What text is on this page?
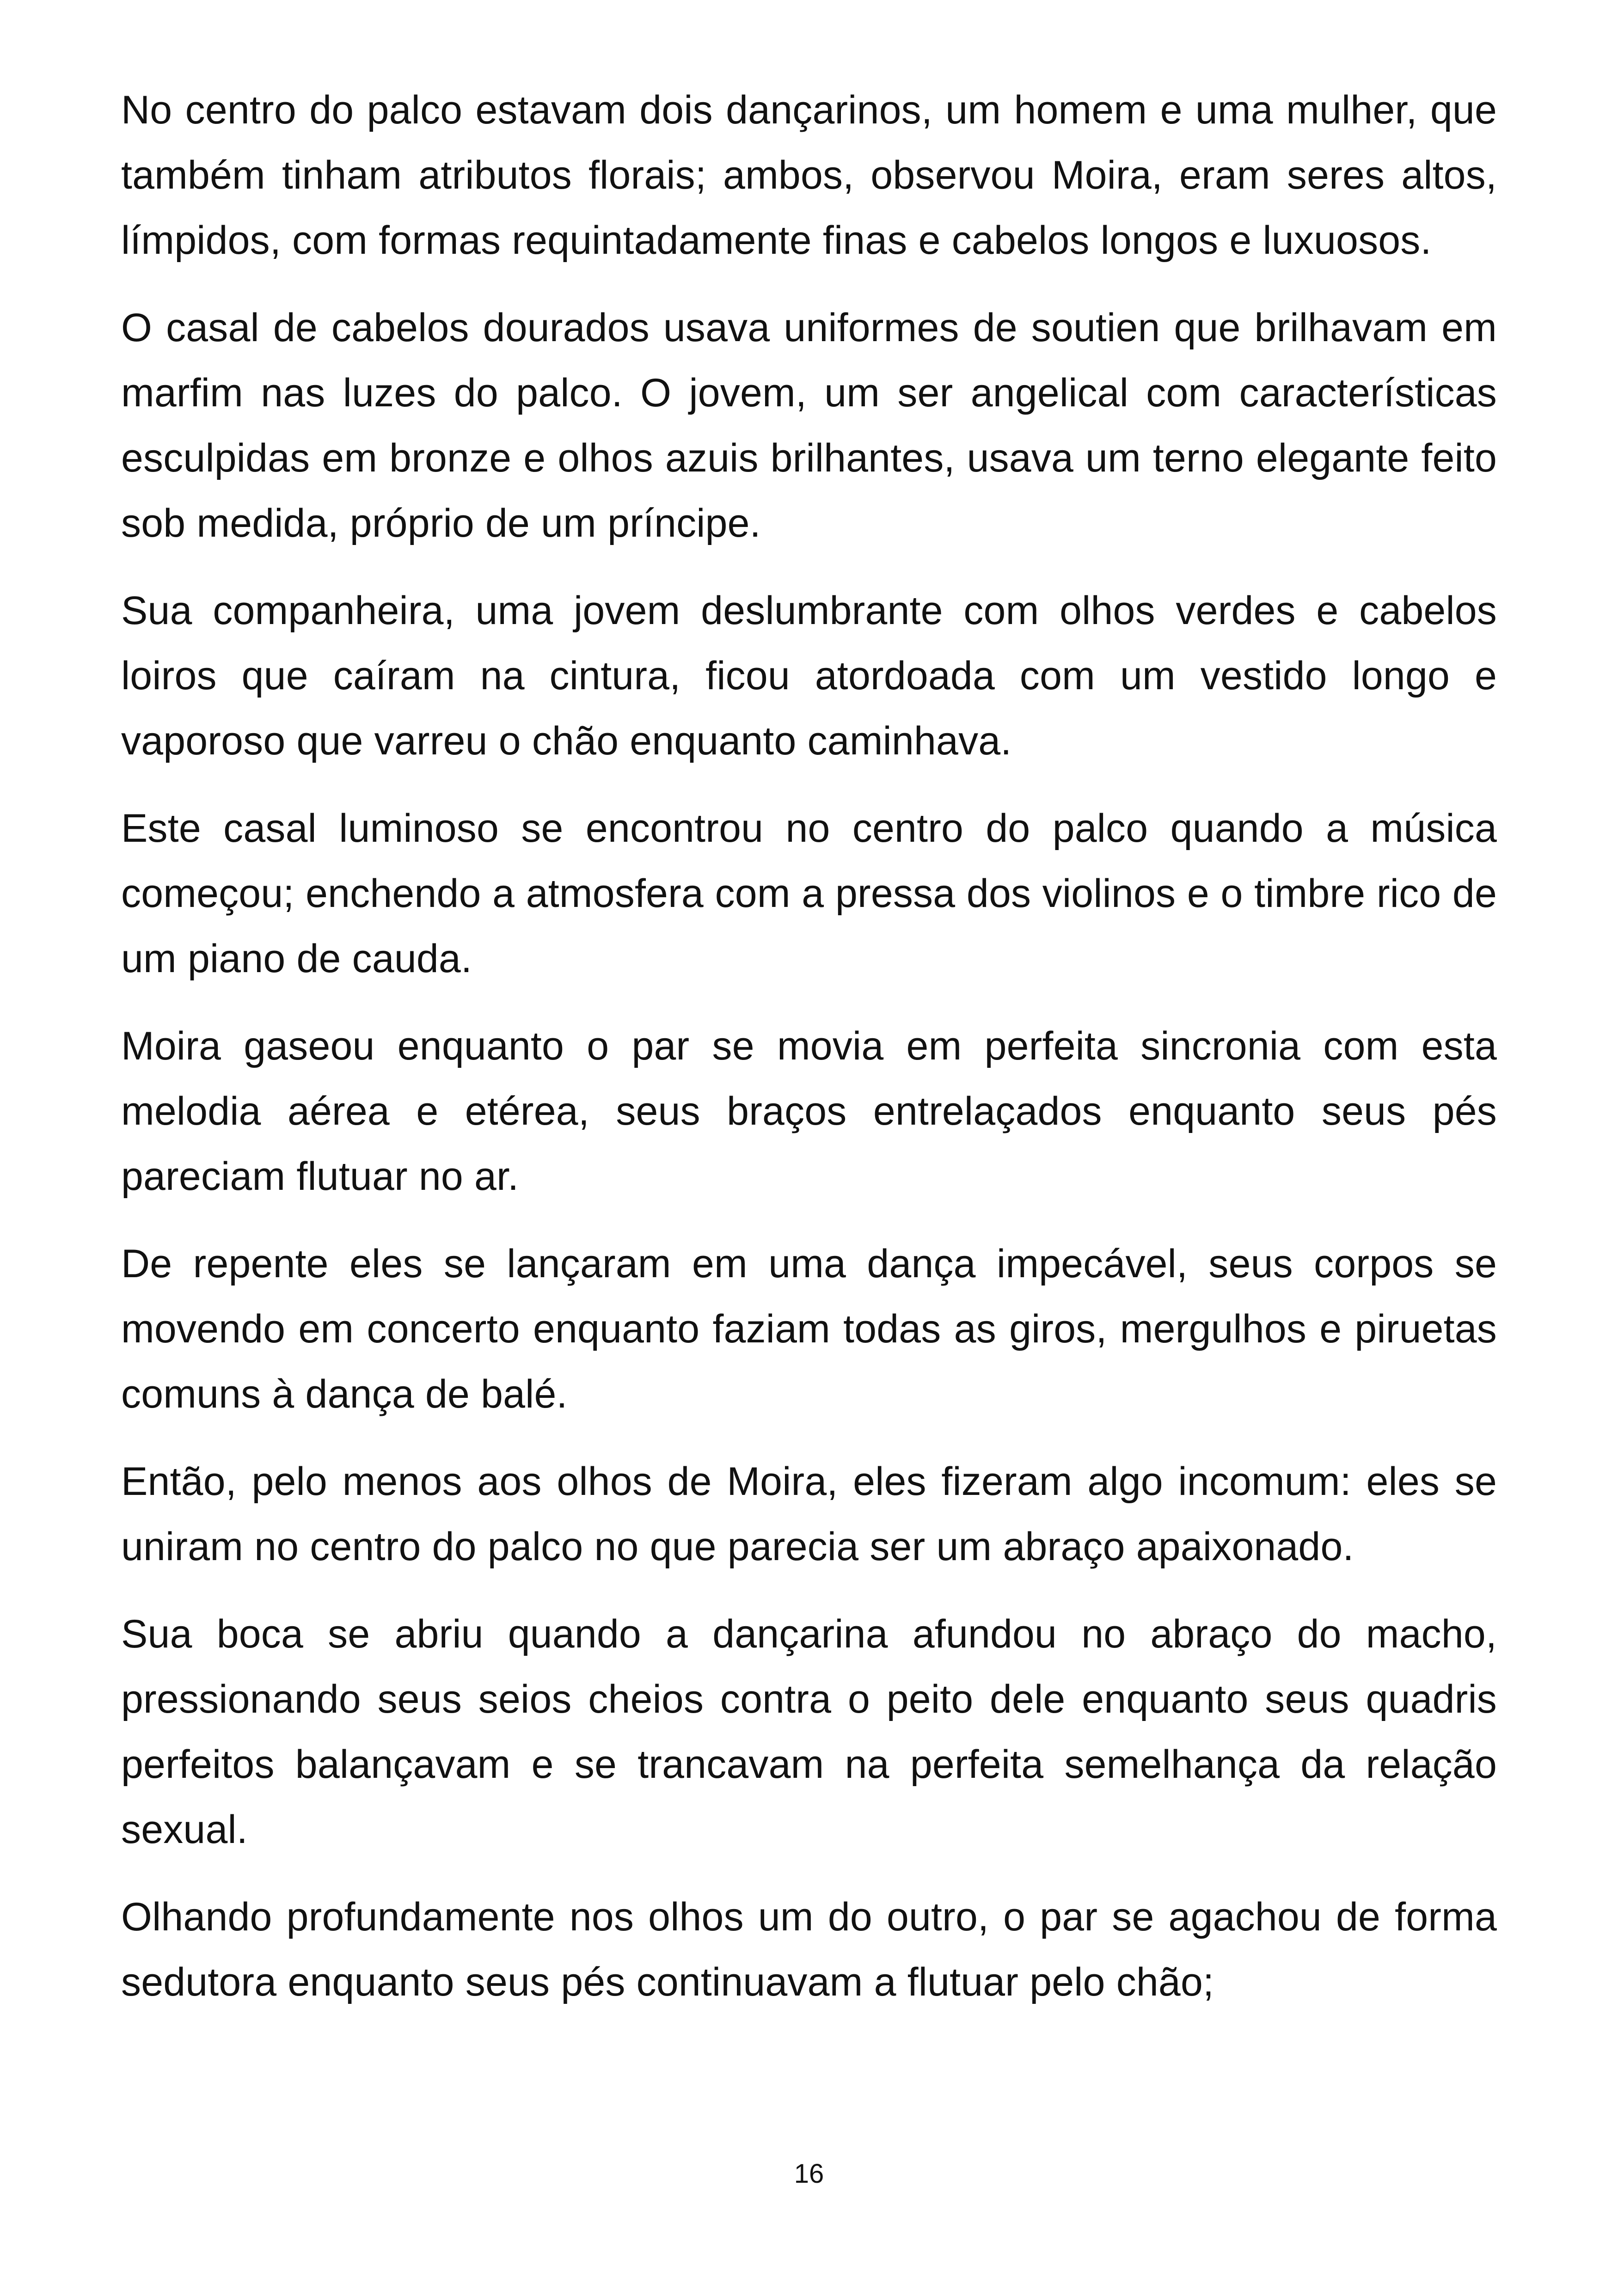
No centro do palco estavam dois dançarinos, um homem e uma mulher, que também tinham atributos florais; ambos, observou Moira, eram seres altos, límpidos, com formas requintadamente finas e cabelos longos e luxuosos.

O casal de cabelos dourados usava uniformes de soutien que brilhavam em marfim nas luzes do palco. O jovem, um ser angelical com características esculpidas em bronze e olhos azuis brilhantes, usava um terno elegante feito sob medida, próprio de um príncipe.

Sua companheira, uma jovem deslumbrante com olhos verdes e cabelos loiros que caíram na cintura, ficou atordoada com um vestido longo e vaporoso que varreu o chão enquanto caminhava.

Este casal luminoso se encontrou no centro do palco quando a música começou; enchendo a atmosfera com a pressa dos violinos e o timbre rico de um piano de cauda.

Moira gaseou enquanto o par se movia em perfeita sincronia com esta melodia aérea e etérea, seus braços entrelaçados enquanto seus pés pareciam flutuar no ar.

De repente eles se lançaram em uma dança impecável, seus corpos se movendo em concerto enquanto faziam todas as giros, mergulhos e piruetas comuns à dança de balé.

Então, pelo menos aos olhos de Moira, eles fizeram algo incomum: eles se uniram no centro do palco no que parecia ser um abraço apaixonado.

Sua boca se abriu quando a dançarina afundou no abraço do macho, pressionando seus seios cheios contra o peito dele enquanto seus quadris perfeitos balançavam e se trancavam na perfeita semelhança da relação sexual.

Olhando profundamente nos olhos um do outro, o par se agachou de forma sedutora enquanto seus pés continuavam a flutuar pelo chão;

16
